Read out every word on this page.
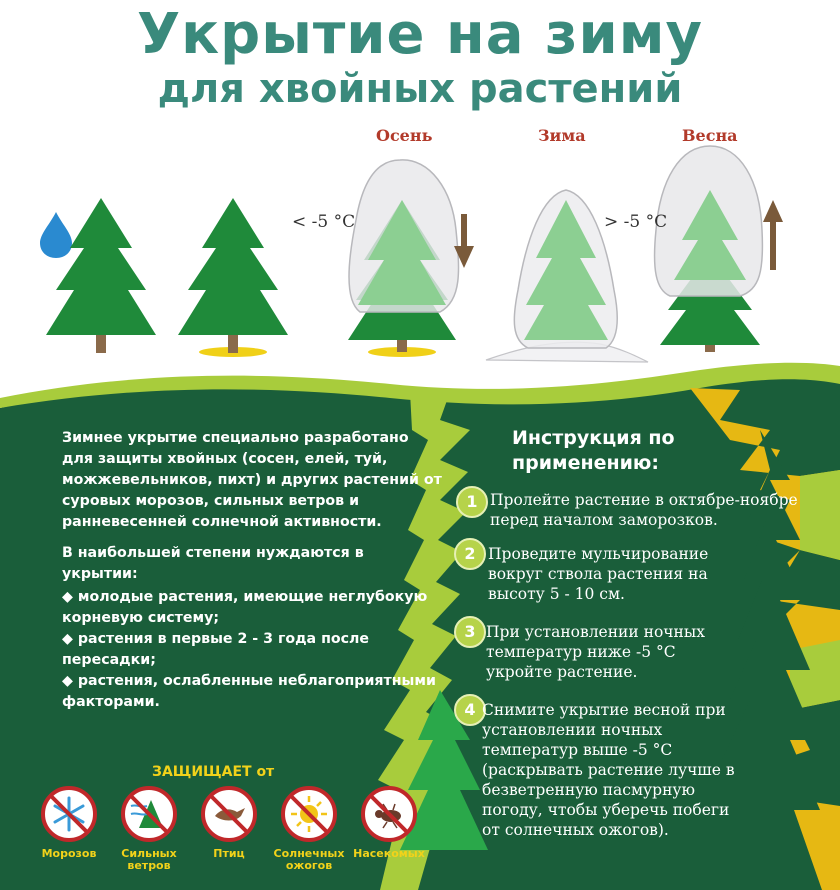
Укрытие на зиму
для хвойных растений
Осень	Зима	Весна
< -5 °C	> -5 °C

Зимнее укрытие специально разработано для защиты хвойных (сосен, елей, туй, можжевельников, пихт) и других растений от суровых морозов, сильных ветров и ранневесенней солнечной активности.

В наибольшей степени нуждаются в укрытии:

◆ молодые растения, имеющие неглубокую корневую систему;
◆ растения в первые 2 - 3 года после пересадки;
◆ растения, ослабленные неблагоприятными факторами.
ЗАЩИЩАЕТ от
Морозов	Сильных ветров
Птиц	Солнечных ожогов
Насекомых
Инструкция по применению:
1 Пролейте растение в октябре-ноябре перед началом заморозков.
2 Проведите мульчирование вокруг ствола растения на высоту 5 - 10 см.
3 При установлении ночных температур ниже -5 °C укройте растение.
4 Снимите укрытие весной при установлении ночных температур выше -5 °C (раскрывать растение лучше в безветренную пасмурную погоду, чтобы уберечь побеги от солнечных ожогов).
